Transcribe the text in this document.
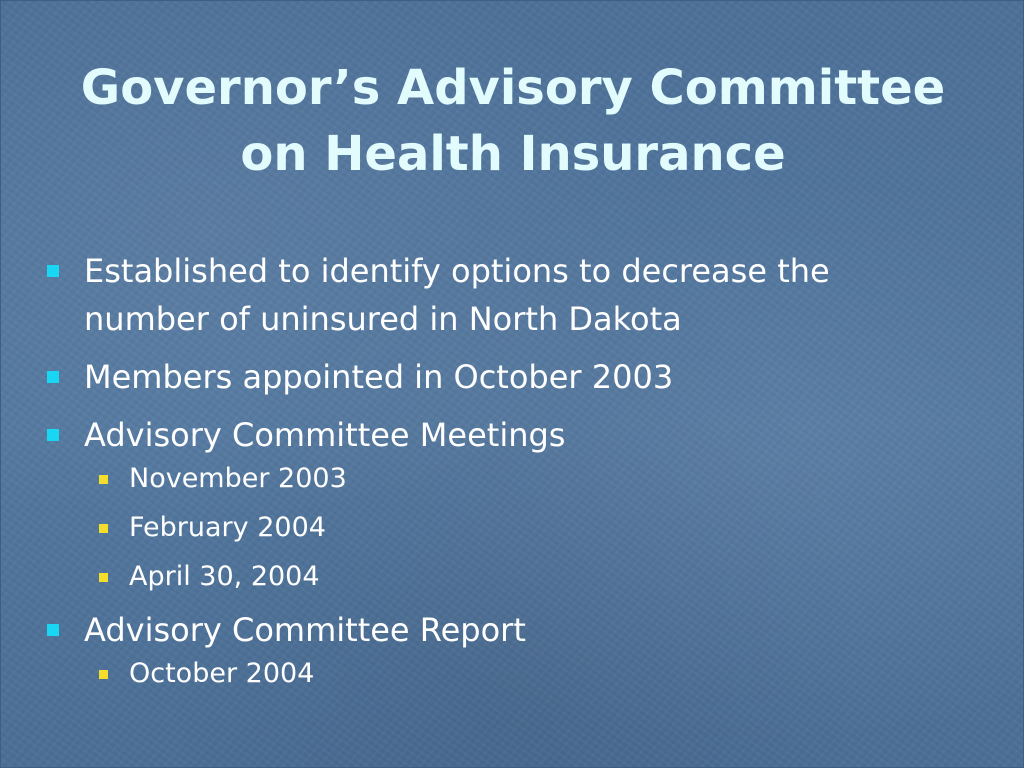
Governor’s Advisory Committee
on Health Insurance
Established to identify options to decrease the number of uninsured in North Dakota
Members appointed in October 2003
Advisory Committee Meetings
November 2003
February 2004
April 30, 2004
Advisory Committee Report
October 2004
